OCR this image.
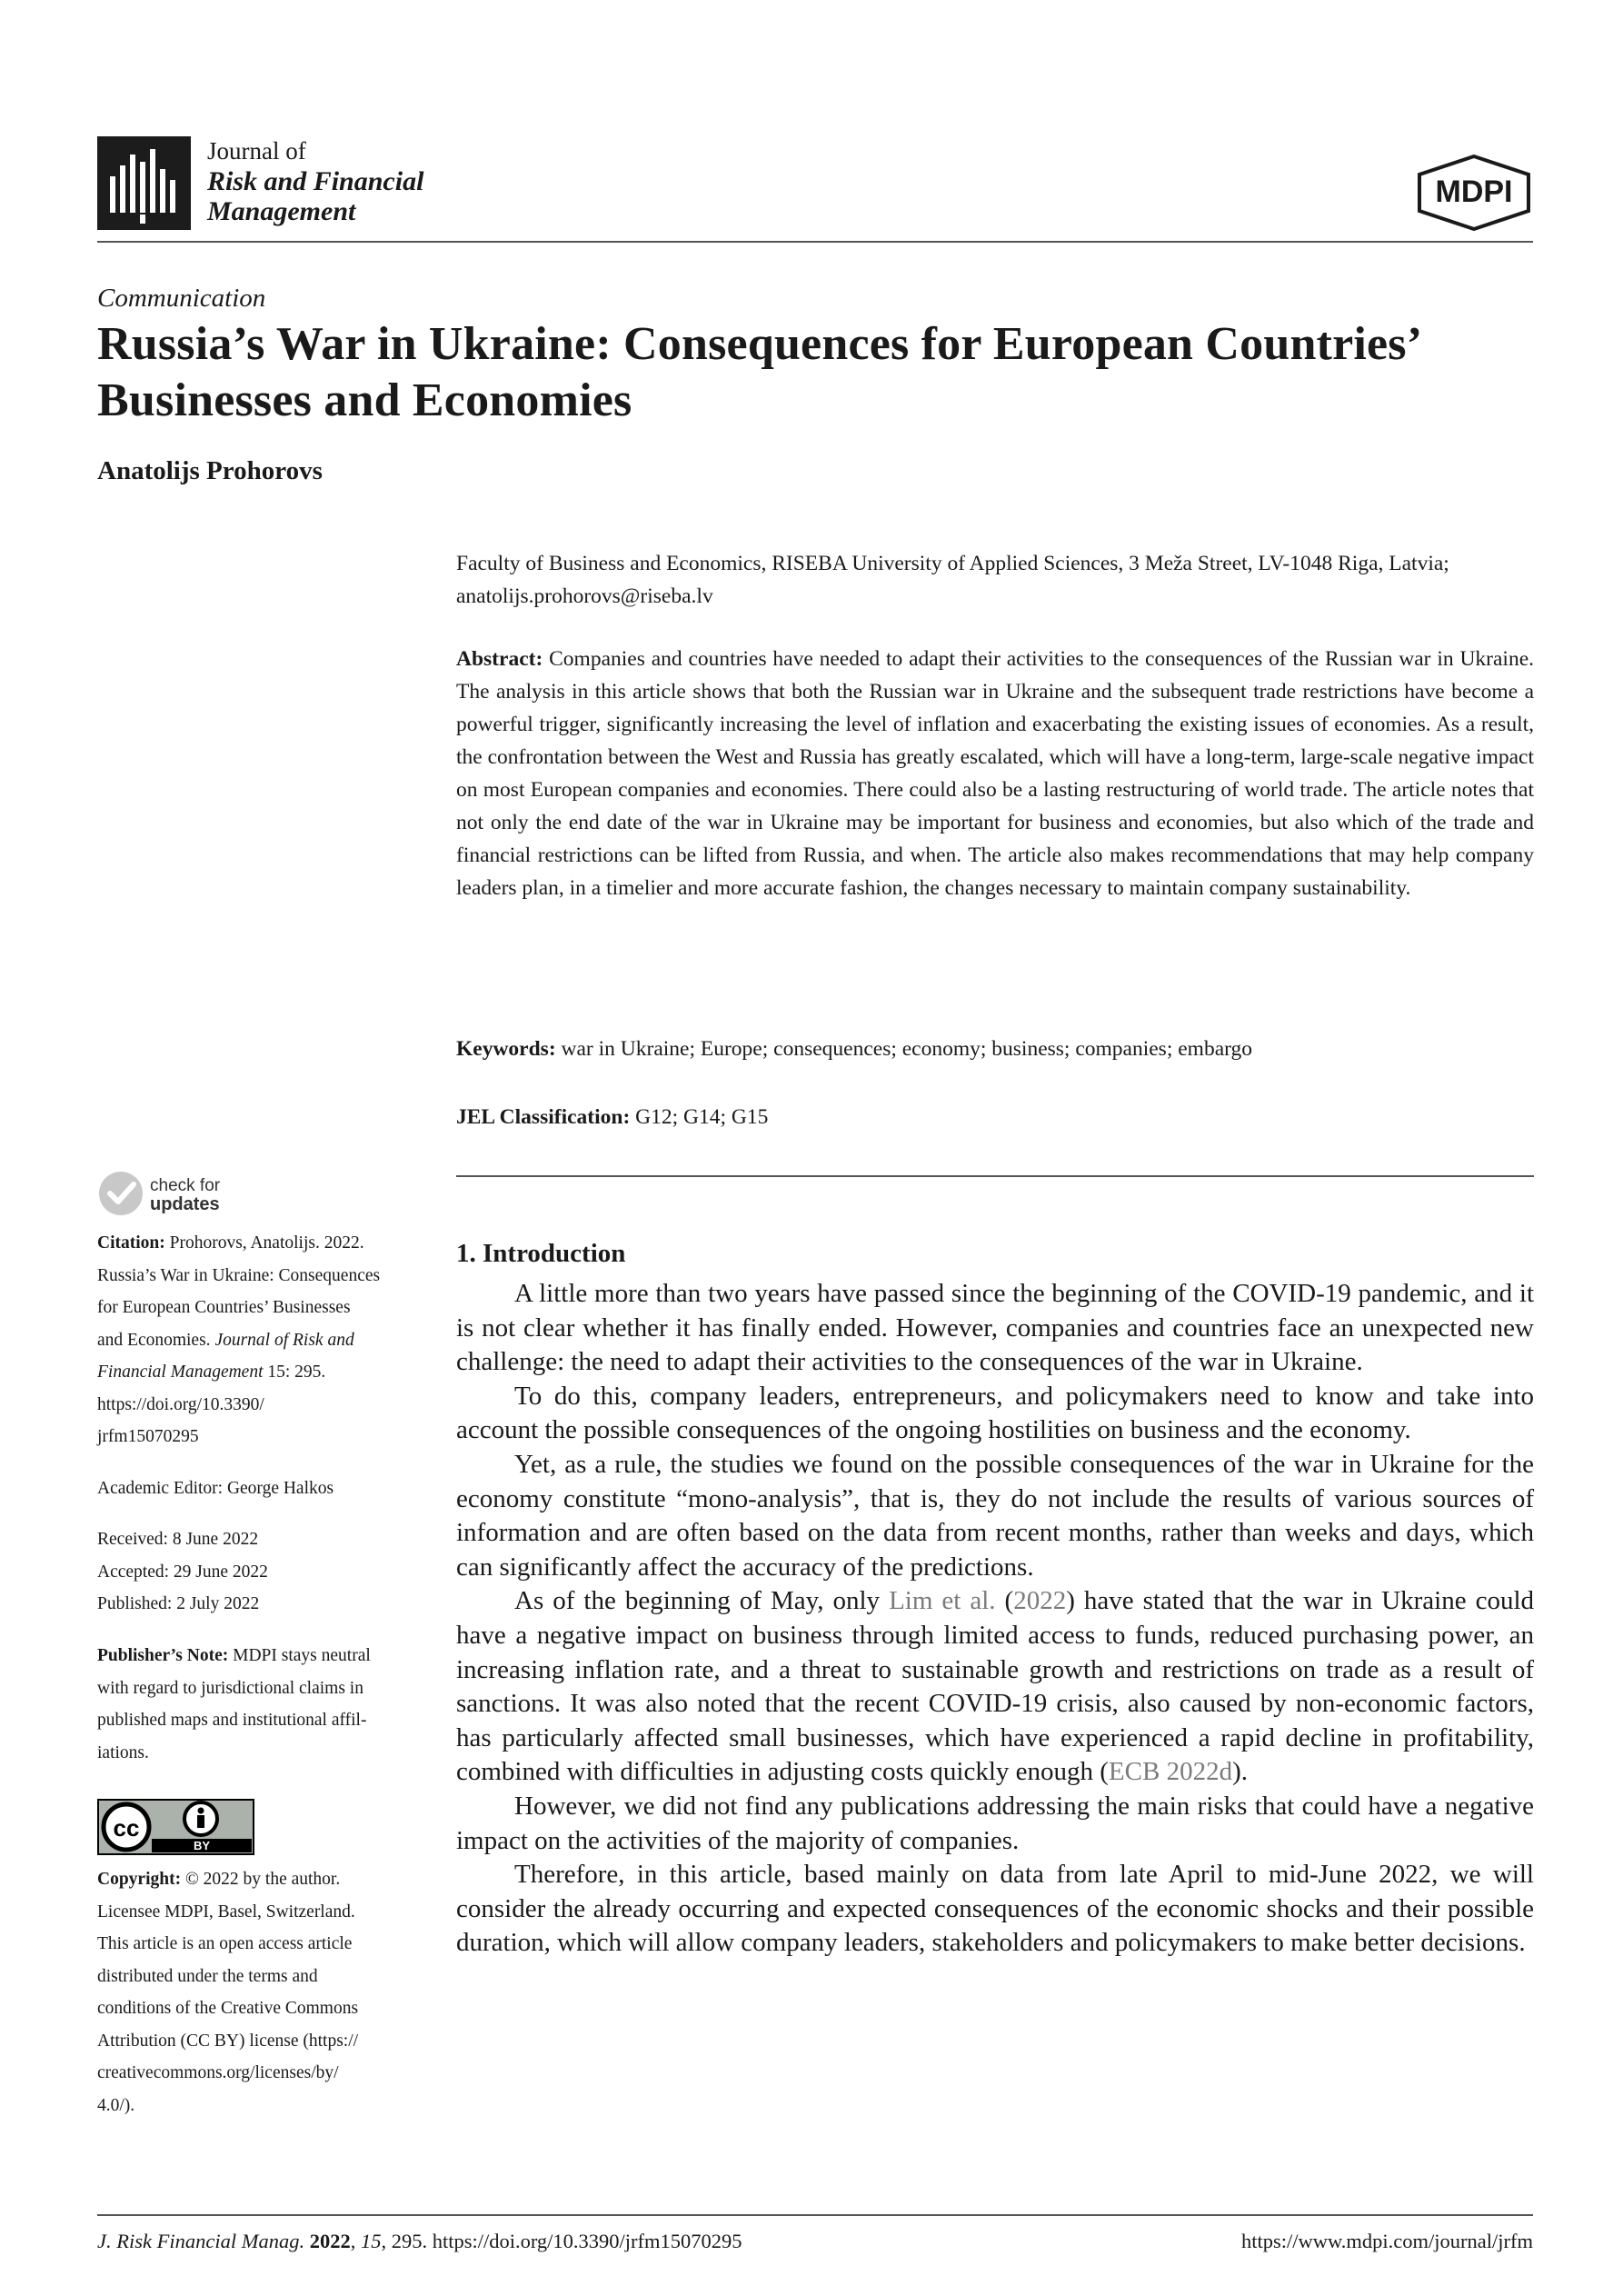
Journal of
Risk and Financial
Management
MDPI
Communication
Russia’s War in Ukraine: Consequences for European Countries’
Businesses and Economies
Anatolijs Prohorovs
Faculty of Business and Economics, RISEBA University of Applied Sciences, 3 Meža Street, LV-1048 Riga, Latvia;
anatolijs.prohorovs@riseba.lv
Abstract: Companies and countries have needed to adapt their activities to the consequences of the Russian war in Ukraine. The analysis in this article shows that both the Russian war in Ukraine and the subsequent trade restrictions have become a powerful trigger, significantly increasing the level of inflation and exacerbating the existing issues of economies. As a result, the confrontation between the West and Russia has greatly escalated, which will have a long-term, large-scale negative impact on most European companies and economies. There could also be a lasting restructuring of world trade. The article notes that not only the end date of the war in Ukraine may be important for business and economies, but also which of the trade and financial restrictions can be lifted from Russia, and when. The article also makes recommendations that may help company leaders plan, in a timelier and more accurate fashion, the changes necessary to maintain company sustainability.
Keywords: war in Ukraine; Europe; consequences; economy; business; companies; embargo
JEL Classification: G12; G14; G15
check for
updates
Citation: Prohorovs, Anatolijs. 2022.
Russia’s War in Ukraine: Consequences
for European Countries’ Businesses
and Economies. Journal of Risk and
Financial Management 15: 295.
https://doi.org/10.3390/
jrfm15070295
Academic Editor: George Halkos
Received: 8 June 2022
Accepted: 29 June 2022
Published: 2 July 2022
Publisher’s Note: MDPI stays neutral
with regard to jurisdictional claims in
published maps and institutional affil-
iations.
cc
BY
Copyright: © 2022 by the author.
Licensee MDPI, Basel, Switzerland.
This article is an open access article
distributed under the terms and
conditions of the Creative Commons
Attribution (CC BY) license (https://
creativecommons.org/licenses/by/
4.0/).
1. Introduction

A little more than two years have passed since the beginning of the COVID-19 pandemic, and it is not clear whether it has finally ended. However, companies and countries face an unexpected new challenge: the need to adapt their activities to the consequences of the war in Ukraine.

To do this, company leaders, entrepreneurs, and policymakers need to know and take into account the possible consequences of the ongoing hostilities on business and the economy.

Yet, as a rule, the studies we found on the possible consequences of the war in Ukraine for the economy constitute “mono-analysis”, that is, they do not include the results of various sources of information and are often based on the data from recent months, rather than weeks and days, which can significantly affect the accuracy of the predictions.

As of the beginning of May, only Lim et al. (2022) have stated that the war in Ukraine could have a negative impact on business through limited access to funds, reduced purchasing power, an increasing inflation rate, and a threat to sustainable growth and restrictions on trade as a result of sanctions. It was also noted that the recent COVID-19 crisis, also caused by non-economic factors, has particularly affected small businesses, which have experienced a rapid decline in profitability, combined with difficulties in adjusting costs quickly enough (ECB 2022d).

However, we did not find any publications addressing the main risks that could have a negative impact on the activities of the majority of companies.

Therefore, in this article, based mainly on data from late April to mid-June 2022, we will consider the already occurring and expected consequences of the economic shocks and their possible duration, which will allow company leaders, stakeholders and policymakers to make better decisions.

J. Risk Financial Manag. 2022, 15, 295. https://doi.org/10.3390/jrfm15070295	https://www.mdpi.com/journal/jrfm
